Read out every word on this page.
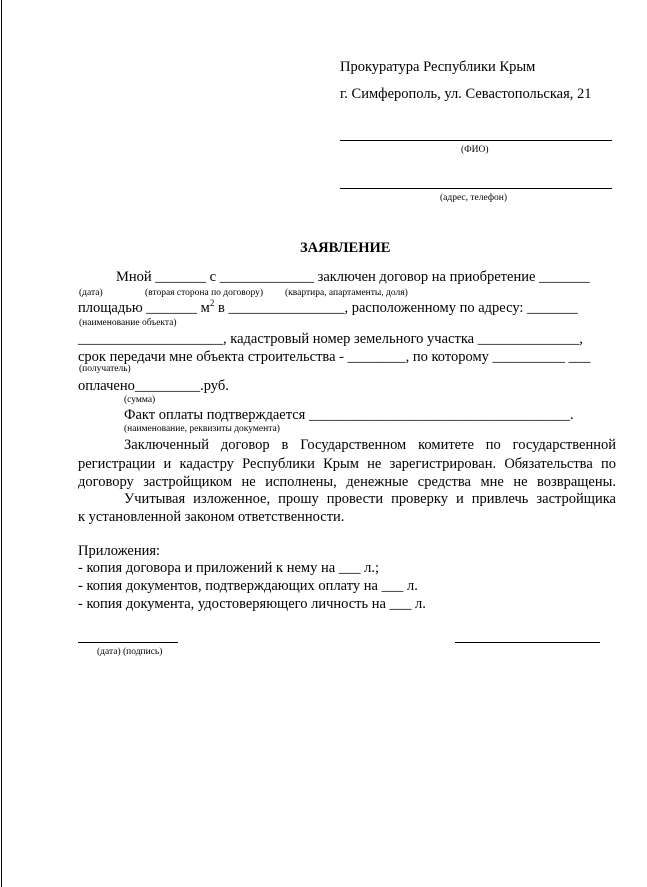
Прокуратура Республики Крым
г. Симферополь, ул. Севастопольская, 21
(ФИО)
(адрес, телефон)
ЗАЯВЛЕНИЕ
Мной _______ с _____________ заключен договор на приобретение _______
(дата)	(вторая сторона по договору) (квартира, апартаменты, доля)
площадью _______ $м^2$ в ________________, расположенному по адресу: _______
(наименование объекта)
____________________, кадастровый номер земельного участка ______________,
срок передачи мне объекта строительства - ________, по которому __________ ___
(получатель)
оплачено_________.руб.
(сумма)
Факт оплаты подтверждается ____________________________________.
(наименование, реквизиты документа)
Заключенный договор в Государственном комитете по государственной
регистрации и кадастру Республики Крым не зарегистрирован. Обязательства по
договору застройщиком не исполнены, денежные средства мне не возвращены.
Учитывая изложенное, прошу провести проверку и привлечь застройщика
к установленной законом ответственности.
Приложения:
- копия договора и приложений к нему на ___ л.;
- копия документов, подтверждающих оплату на ___ л.
- копия документа, удостоверяющего личность на ___ л.
(дата) (подпись)
